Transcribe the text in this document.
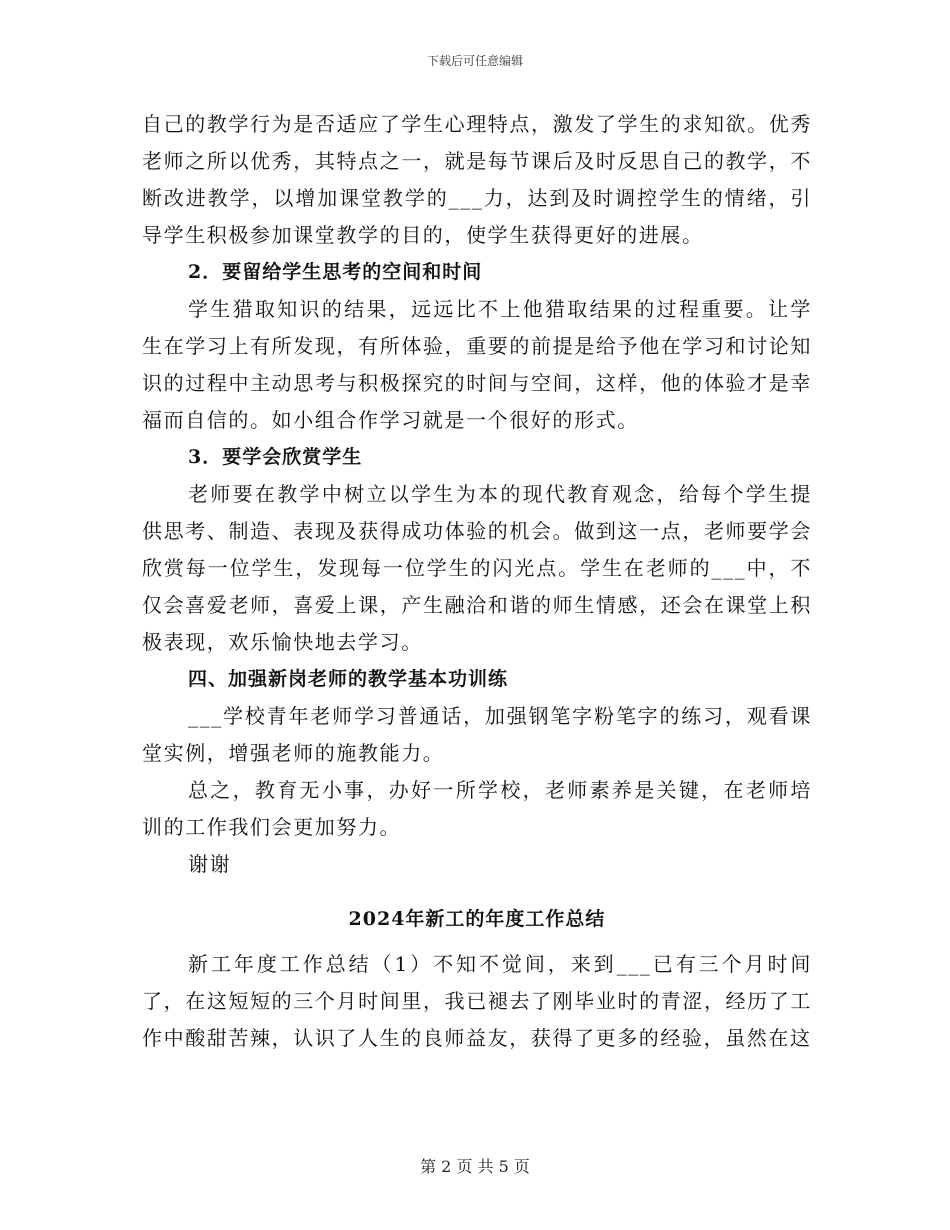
下载后可任意编辑

自己的教学行为是否适应了学生心理特点，激发了学生的求知欲。优秀老师之所以优秀，其特点之一，就是每节课后及时反思自己的教学，不断改进教学，以增加课堂教学的___力，达到及时调控学生的情绪，引导学生积极参加课堂教学的目的，使学生获得更好的进展。

2．要留给学生思考的空间和时间

学生猎取知识的结果，远远比不上他猎取结果的过程重要。让学生在学习上有所发现，有所体验，重要的前提是给予他在学习和讨论知识的过程中主动思考与积极探究的时间与空间，这样，他的体验才是幸福而自信的。如小组合作学习就是一个很好的形式。

3．要学会欣赏学生

老师要在教学中树立以学生为本的现代教育观念，给每个学生提供思考、制造、表现及获得成功体验的机会。做到这一点，老师要学会欣赏每一位学生，发现每一位学生的闪光点。学生在老师的___中，不仅会喜爱老师，喜爱上课，产生融洽和谐的师生情感，还会在课堂上积极表现，欢乐愉快地去学习。

四、加强新岗老师的教学基本功训练

___学校青年老师学习普通话，加强钢笔字粉笔字的练习，观看课堂实例，增强老师的施教能力。

总之，教育无小事，办好一所学校，老师素养是关键，在老师培训的工作我们会更加努力。

谢谢

2024年新工的年度工作总结

新工年度工作总结（1）不知不觉间，来到___已有三个月时间了，在这短短的三个月时间里，我已褪去了刚毕业时的青涩，经历了工作中酸甜苦辣，认识了人生的良师益友，获得了更多的经验，虽然在这

第 2 页 共 5 页
